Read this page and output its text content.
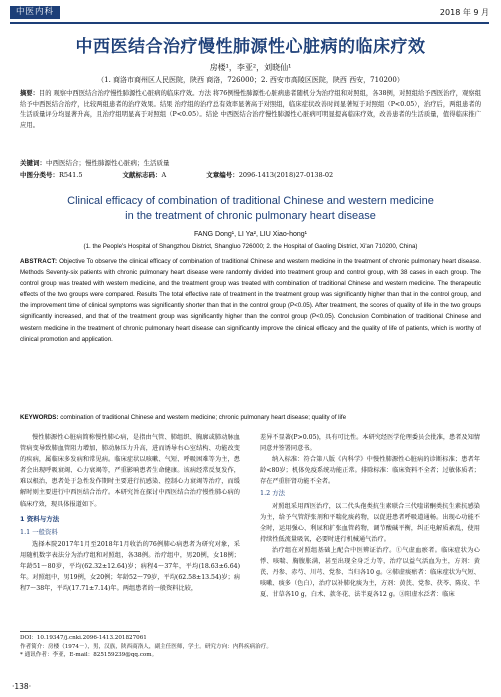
中医内科	2018 年 9 月
中西医结合治疗慢性肺源性心脏病的临床疗效
房楼¹，李亚²，刘晓仙¹
（1. 商洛市商州区人民医院，陕西 商洛，726000；2. 西安市高陵区医院，陕西 西安，710200）
摘要：目的 观察中西医结合治疗慢性肺源性心脏病的临床疗效。方法 将76例慢性肺源性心脏病患者随机分为治疗组和对照组，各38例，对照组给予西医治疗，观察组给予中西医结合治疗，比较两组患者的治疗效果。结果 治疗组的治疗总有效率显著高于对照组，临床症状改善时间显著短于对照组（P<0.05），治疗后，两组患者的生活质量评分均显著升高，且治疗组明显高于对照组（P<0.05）。结论 中西医结合治疗慢性肺源性心脏病可明显提高临床疗效，改善患者的生活质量，值得临床推广应用。
关键词：中西医结合；慢性肺源性心脏病；生活质量
中图分类号：R541.5	文献标志码：A	文章编号：2096-1413(2018)27-0138-02
Clinical efficacy of combination of traditional Chinese and western medicine
in the treatment of chronic pulmonary heart disease
FANG Dong¹, LI Ya², LIU Xiao-hong¹
(1. the People's Hospital of Shangzhou District, Shangluo 726000; 2. the Hospital of Gaoling District, Xi'an 710200, China)
ABSTRACT: Objective To observe the clinical efficacy of combination of traditional Chinese and western medicine in the treatment of chronic pulmonary heart disease. Methods Seventy-six patients with chronic pulmonary heart disease were randomly divided into treatment group and control group, with 38 cases in each group. The control group was treated with western medicine, and the treatment group was treated with combination of traditional Chinese and western medicine. The therapeutic effects of the two groups were compared. Results The total effective rate of treatment in the treatment group was significantly higher than that in the control group, and the improvement time of clinical symptoms was significantly shorter than that in the control group (P<0.05). After treatment, the scores of quality of life in the two groups significantly increased, and that of the treatment group was significantly higher than the control group (P<0.05). Conclusion Combination of traditional Chinese and western medicine in the treatment of chronic pulmonary heart disease can significantly improve the clinical efficacy and the quality of life of patients, which is worthy of clinical promotion and application.
KEYWORDS: combination of traditional Chinese and western medicine; chronic pulmonary heart disease; quality of life

慢性肺源性心脏病简称慢性肺心病，是指由气管、肺组织、胸廓或肺动脉血管病变导致肺血管阻力增加，肺动脉压力升高，进而诱导右心室结构、功能改变的疾病，属临床多发病和常见病。临床症状以咳嗽、气短、呼吸困难等为主，患者会出现呼吸衰竭、心力衰竭等，严重影响患者生命健康。该病经常反复发作，难以根治，患者处于急性发作期时主要进行抗感染、控制心力衰竭等治疗，而缓解时则主要进行中西医结合治疗。本研究旨在探讨中西医结合治疗慢性肺心病的临床疗效，现具体报道如下。

1 资料与方法
1.1 一般资料

选择本院2017年1月至2018年1月收治的76例肺心病患者为研究对象，采用随机数字表法分为治疗组和对照组，各38例。治疗组中，男20例，女18例；年龄51～80岁，平均(62.32±12.64)岁；病程4～37年，平均(18.63±6.64)年。对照组中，男19例，女20例；年龄52～79岁，平均(62.58±13.54)岁；病程7～38年，平均(17.71±7.14)年。两组患者的一般资料比较，

差异不显著(P>0.05)，具有可比性。本研究经医学伦理委员会批准，患者及知情同意并签署同意书。

纳入标准：符合第八版《内科学》中慢性肺源性心脏病的诊断标准；患者年龄<80岁；机体免疫系统功能正常。排除标准：临床资料不全者；过敏体质者；存在严重肝肾功能不全者。

1.2 方法

对照组采用西医治疗，以二代头孢类抗生素联合三代喹诺酮类抗生素抗感染为主，给予气管舒张剂和平喘化痰药物，以促进患者呼吸道通畅。出现心功能不全时，运用强心、利尿和扩张血管药物，调节酸碱平衡，纠正电解质紊乱，使用持续性低流量吸氧，必要时进行机械通气治疗。

治疗组在对照组基础上配合中医辨证治疗。①气虚血瘀者。临床症状为心悸、咳喘、胸腹胀满，甚至出现全身乏力等，治疗以益气活血为主，方剂：黄芪、丹参、赤芍、川芎、党参、当归各10 g。②肺虚痰瘀者：临床症状为气短、咳嗽、痰多（色白），治疗以补肺化痰为主，方剂：黄芪、党参、茯苓、陈皮、半夏、甘草各10 g，白术、款冬花、法半夏各12 g。③阳虚水泛者：临床

DOI：10.19347/j.cnki.2096-1413.201827061
作者简介：房楼（1974－），男，汉族，陕西商洛人，副主任医师，学士。研究方向：内科疾病治疗。
* 通讯作者：李亚，E-mail：825159239@qq.com。
·138·
